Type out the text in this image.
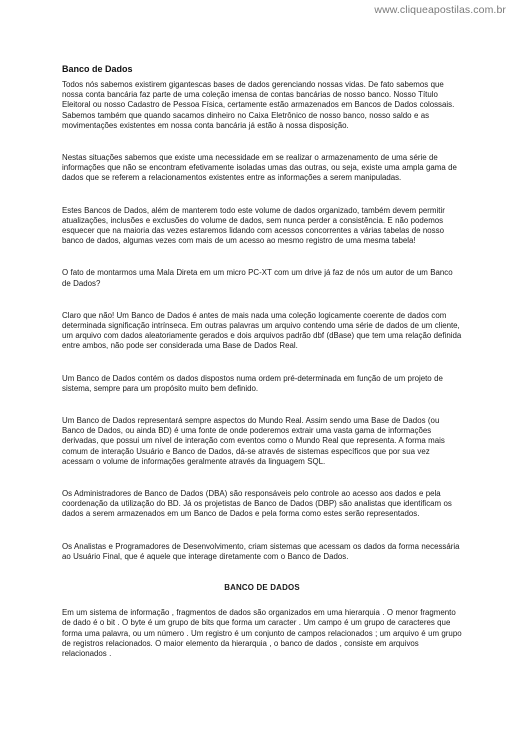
www.cliqueapostilas.com.br
Banco de Dados

Todos nós sabemos existirem gigantescas bases de dados gerenciando nossas vidas. De fato sabemos que nossa conta bancária faz parte de uma coleção imensa de contas bancárias de nosso banco. Nosso Título Eleitoral ou nosso Cadastro de Pessoa Física, certamente estão armazenados em Bancos de Dados colossais. Sabemos também que quando sacamos dinheiro no Caixa Eletrônico de nosso banco, nosso saldo e as movimentações existentes em nossa conta bancária já estão à nossa disposição.

Nestas situações sabemos que existe uma necessidade em se realizar o armazenamento de uma série de informações que não se encontram efetivamente isoladas umas das outras, ou seja, existe uma ampla gama de dados que se referem a relacionamentos existentes entre as informações a serem manipuladas.

Estes Bancos de Dados, além de manterem todo este volume de dados organizado, também devem permitir atualizações, inclusões e exclusões do volume de dados, sem nunca perder a consistência. E não podemos esquecer que na maioria das vezes estaremos lidando com acessos concorrentes a várias tabelas de nosso banco de dados, algumas vezes com mais de um acesso ao mesmo registro de uma mesma tabela!

O fato de montarmos uma Mala Direta em um micro PC-XT com um drive já faz de nós um autor de um Banco de Dados?

Claro que não! Um Banco de Dados é antes de mais nada uma coleção logicamente coerente de dados com determinada significação intrínseca. Em outras palavras um arquivo contendo uma série de dados de um cliente, um arquivo com dados aleatoriamente gerados e dois arquivos padrão dbf (dBase) que tem uma relação definida entre ambos, não pode ser considerada uma Base de Dados Real.

Um Banco de Dados contém os dados dispostos numa ordem pré-determinada em função de um projeto de sistema, sempre para um propósito muito bem definido.

Um Banco de Dados representará sempre aspectos do Mundo Real. Assim sendo uma Base de Dados (ou Banco de Dados, ou ainda BD) é uma fonte de onde poderemos extrair uma vasta gama de informações derivadas, que possui um nível de interação com eventos como o Mundo Real que representa. A forma mais comum de interação Usuário e Banco de Dados, dá-se através de sistemas específicos que por sua vez acessam o volume de informações geralmente através da linguagem SQL.

Os Administradores de Banco de Dados (DBA) são responsáveis pelo controle ao acesso aos dados e pela coordenação da utilização do BD. Já os projetistas de Banco de Dados (DBP) são analistas que identificam os dados a serem armazenados em um Banco de Dados e pela forma como estes serão representados.

Os Analistas e Programadores de Desenvolvimento, criam sistemas que acessam os dados da forma necessária ao Usuário Final, que é aquele que interage diretamente com o Banco de Dados.

BANCO DE DADOS

Em um sistema de informação , fragmentos de dados são organizados em uma hierarquia . O menor fragmento de dado é o bit . O byte é um grupo de bits que forma um caracter . Um campo é um grupo de caracteres que forma uma palavra, ou um número . Um registro é um conjunto de campos relacionados ; um arquivo é um grupo de registros relacionados. O maior elemento da hierarquia , o banco de dados , consiste em arquivos relacionados .
